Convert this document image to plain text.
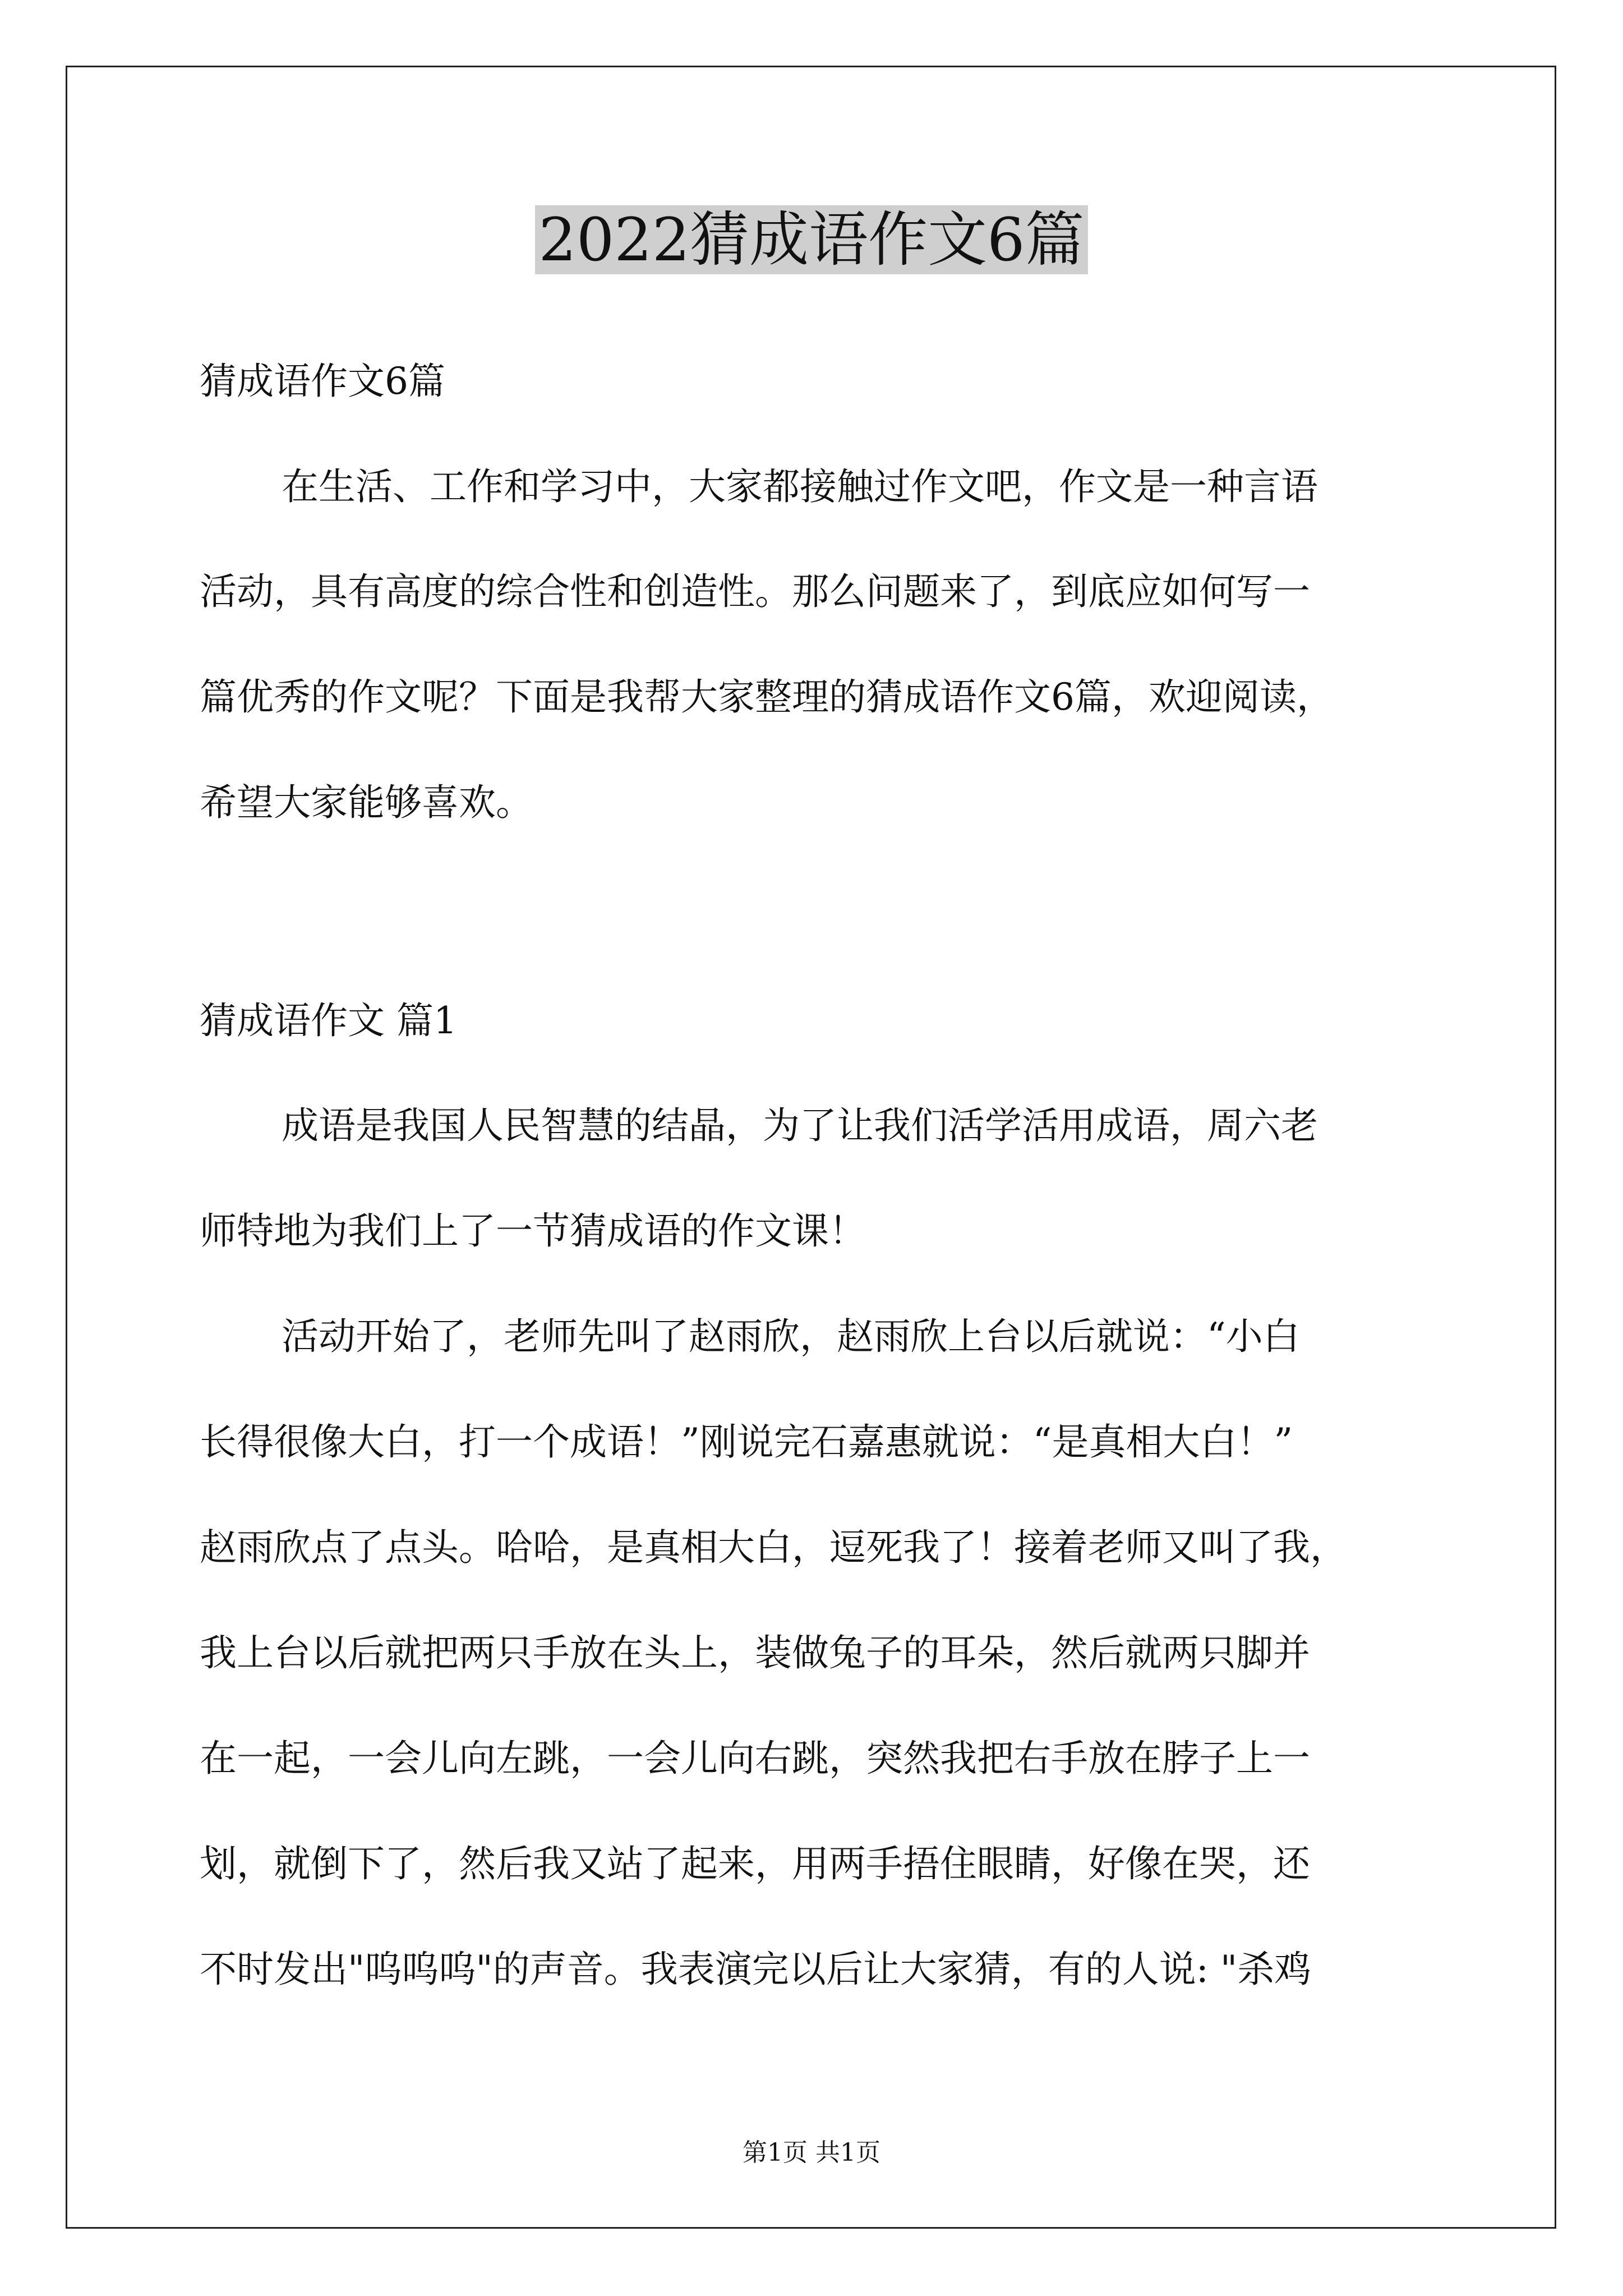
2022猜成语作文6篇
猜成语作文6篇
在生活、工作和学习中，大家都接触过作文吧，作文是一种言语
活动，具有高度的综合性和创造性。那么问题来了，到底应如何写一
篇优秀的作文呢？下面是我帮大家整理的猜成语作文6篇，欢迎阅读，
希望大家能够喜欢。
猜成语作文 篇1
成语是我国人民智慧的结晶，为了让我们活学活用成语，周六老
师特地为我们上了一节猜成语的作文课！
活动开始了，老师先叫了赵雨欣，赵雨欣上台以后就说：“小白
长得很像大白，打一个成语！”刚说完石嘉惠就说：“是真相大白！”
赵雨欣点了点头。哈哈，是真相大白，逗死我了！接着老师又叫了我，
我上台以后就把两只手放在头上，装做兔子的耳朵，然后就两只脚并
在一起，一会儿向左跳，一会儿向右跳，突然我把右手放在脖子上一
划，就倒下了，然后我又站了起来，用两手捂住眼睛，好像在哭，还
不时发出"呜呜呜"的声音。我表演完以后让大家猜，有的人说: "杀鸡
第1页 共1页
